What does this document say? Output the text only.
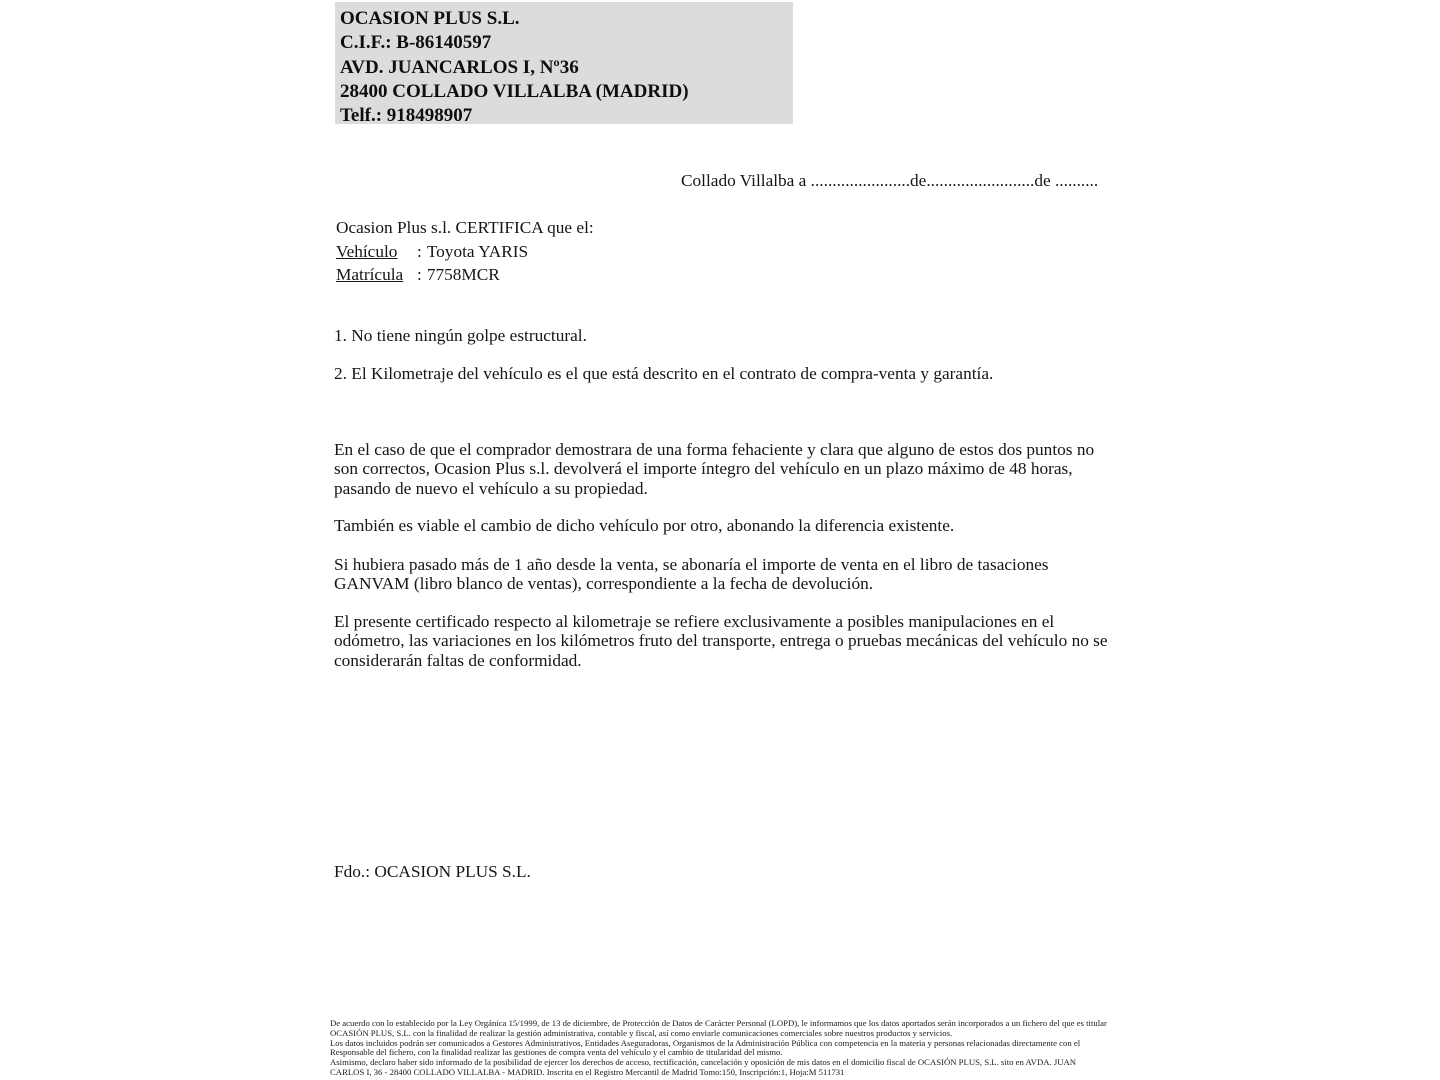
OCASION PLUS S.L.
C.I.F.: B-86140597
AVD. JUANCARLOS I, Nº36
28400 COLLADO VILLALBA (MADRID)
Telf.: 918498907
Collado Villalba a .......................de.........................de ..........
Ocasion Plus s.l. CERTIFICA que el:
Vehículo : Toyota YARIS
Matrícula : 7758MCR
1. No tiene ningún golpe estructural.
2. El Kilometraje del vehículo es el que está descrito en el contrato de compra-venta y garantía.
En el caso de que el comprador demostrara de una forma fehaciente y clara que alguno de estos dos puntos no son correctos, Ocasion Plus s.l. devolverá el importe íntegro del vehículo en un plazo máximo de 48 horas, pasando de nuevo el vehículo a su propiedad.
También es viable el cambio de dicho vehículo por otro, abonando la diferencia existente.
Si hubiera pasado más de 1 año desde la venta, se abonaría el importe de venta en el libro de tasaciones GANVAM (libro blanco de ventas), correspondiente a la fecha de devolución.
El presente certificado respecto al kilometraje se refiere exclusivamente a posibles manipulaciones en el odómetro, las variaciones en los kilómetros fruto del transporte, entrega o pruebas mecánicas del vehículo no se considerarán faltas de conformidad.
Fdo.: OCASION PLUS S.L.
De acuerdo con lo establecido por la Ley Orgánica 15/1999, de 13 de diciembre, de Protección de Datos de Carácter Personal (LOPD), le informamos que los datos aportados serán incorporados a un fichero del que es titular
OCASIÓN PLUS, S.L. con la finalidad de realizar la gestión administrativa, contable y fiscal, así como enviarle comunicaciones comerciales sobre nuestros productos y servicios.
Los datos incluidos podrán ser comunicados a Gestores Administrativos, Entidades Aseguradoras, Organismos de la Administración Pública con competencia en la materia y personas relacionadas directamente con el
Responsable del fichero, con la finalidad realizar las gestiones de compra venta del vehículo y el cambio de titularidad del mismo.
Asimismo, declaro haber sido informado de la posibilidad de ejercer los derechos de acceso, rectificación, cancelación y oposición de mis datos en el domicilio fiscal de OCASIÓN PLUS, S.L. sito en AVDA. JUAN
CARLOS I, 36 - 28400 COLLADO VILLALBA - MADRID. Inscrita en el Registro Mercantil de Madrid Tomo:150, Inscripción:1, Hoja:M 511731
